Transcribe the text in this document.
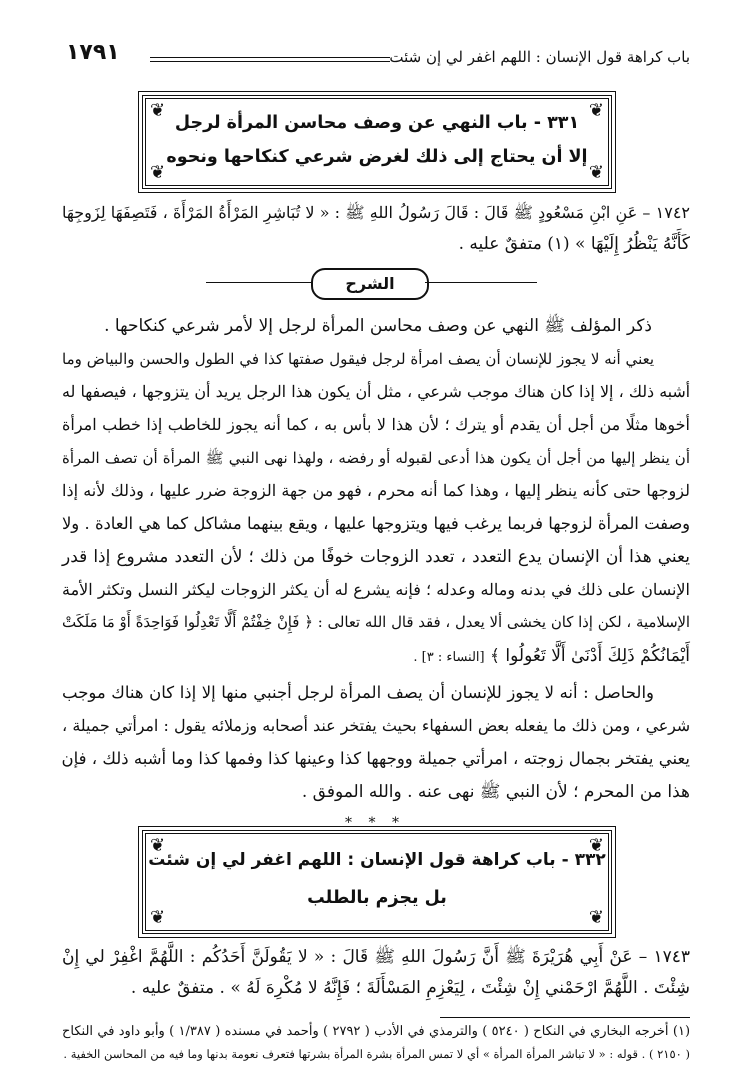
باب كراهة قول الإنسان : اللهم اغفر لي إن شئت
١٧٩١
❦	❦
❦	❦
٣٣١ - باب النهي عن وصف محاسن المرأة لرجل
إلا أن يحتاج إلى ذلك لغرض شرعي كنكاحها ونحوه
١٧٤٢ – عَنِ ابْنِ مَسْعُودٍ ﷺ قَالَ : قَالَ رَسُولُ اللهِ ﷺ : « لا تُبَاشِرِ المَرْأَةُ المَرْأَةَ ، فَتَصِفَهَا لِزَوجِهَا
كَأَنَّهُ يَنْظُرُ إِلَيْهَا » (١) متفقٌ عليه .
الشرح
ذكر المؤلف ﷺ النهي عن وصف محاسن المرأة لرجل إلا لأمر شرعي كنكاحها .
يعني أنه لا يجوز للإنسان أن يصف امرأة لرجل فيقول صفتها كذا في الطول والحسن والبياض وما
أشبه ذلك ، إلا إذا كان هناك موجب شرعي ، مثل أن يكون هذا الرجل يريد أن يتزوجها ، فيصفها له
أخوها مثلًا من أجل أن يقدم أو يترك ؛ لأن هذا لا بأس به ، كما أنه يجوز للخاطب إذا خطب امرأة
أن ينظر إليها من أجل أن يكون هذا أدعى لقبوله أو رفضه ، ولهذا نهى النبي ﷺ المرأة أن تصف المرأة
لزوجها حتى كأنه ينظر إليها ، وهذا كما أنه محرم ، فهو من جهة الزوجة ضرر عليها ، وذلك لأنه إذا
وصفت المرأة لزوجها فربما يرغب فيها ويتزوجها عليها ، ويقع بينهما مشاكل كما هي العادة . ولا
يعني هذا أن الإنسان يدع التعدد ، تعدد الزوجات خوفًا من ذلك ؛ لأن التعدد مشروع إذا قدر
الإنسان على ذلك في بدنه وماله وعدله ؛ فإنه يشرع له أن يكثر الزوجات ليكثر النسل وتكثر الأمة
الإسلامية ، لكن إذا كان يخشى ألا يعدل ، فقد قال الله تعالى : ﴿ فَإِنْ خِفْتُمْ أَلَّا تَعْدِلُوا فَوَاحِدَةً أَوْ مَا مَلَكَتْ
أَيْمَانُكُمْ ذَلِكَ أَدْنَىٰ أَلَّا تَعُولُوا ﴾ [النساء : ٣] .
والحاصل : أنه لا يجوز للإنسان أن يصف المرأة لرجل أجنبي منها إلا إذا كان هناك موجب
شرعي ، ومن ذلك ما يفعله بعض السفهاء بحيث يفتخر عند أصحابه وزملائه يقول : امرأتي جميلة ،
يعني يفتخر بجمال زوجته ، امرأتي جميلة ووجهها كذا وعينها كذا وفمها كذا وما أشبه ذلك ، فإن
هذا من المحرم ؛ لأن النبي ﷺ نهى عنه . والله الموفق .
* * *
❦	❦
❦	❦
٣٣٢ - باب كراهة قول الإنسان : اللهم اغفر لي إن شئت
بل يجزم بالطلب
١٧٤٣ – عَنْ أَبِي هُرَيْرَةَ ﷺ أَنَّ رَسُولَ اللهِ ﷺ قَالَ : « لا يَقُولَنَّ أَحَدُكُم : اللَّهُمَّ اغْفِرْ لي إِنْ
شِئْتَ . اللَّهُمَّ ارْحَمْني إِنْ شِئْتَ ، لِيَعْزِمِ المَسْأَلَةَ ؛ فَإِنَّهُ لا مُكْرِهَ لَهُ » . متفقٌ عليه .
(١) أخرجه البخاري في النكاح ( ٥٢٤٠ ) والترمذي في الأدب ( ٢٧٩٢ ) وأحمد في مسنده ( ١/٣٨٧ ) وأبو داود في النكاح
( ٢١٥٠ ) . قوله : « لا تباشر المرأة المرأة » أي لا تمس المرأة بشرة المرأة بشرتها فتعرف نعومة بدنها وما فيه من المحاسن الخفية .
